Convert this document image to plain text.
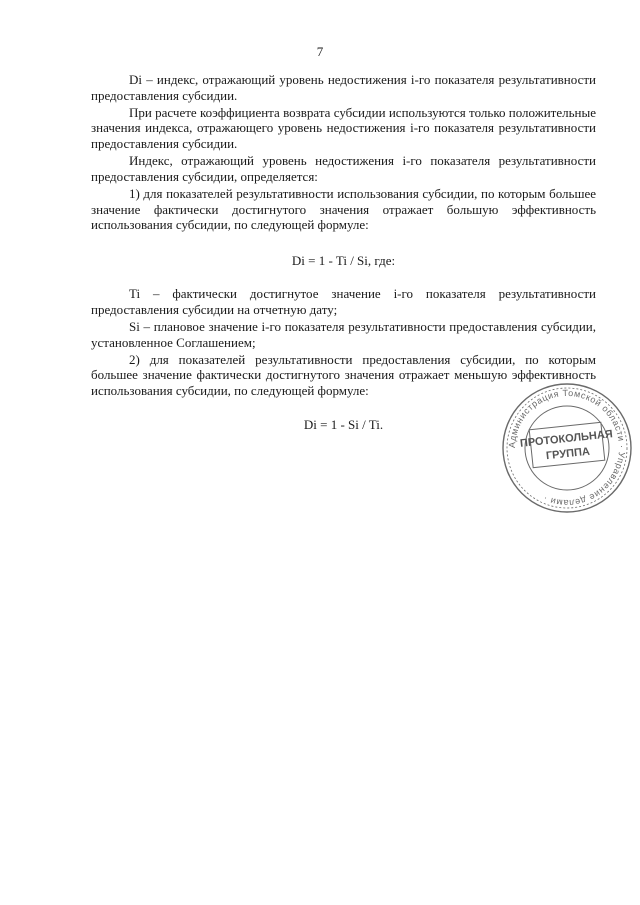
7

Di – индекс, отражающий уровень недостижения i-го показателя результативности предоставления субсидии.

При расчете коэффициента возврата субсидии используются только положительные значения индекса, отражающего уровень недостижения i-го показателя результативности предоставления субсидии.

Индекс, отражающий уровень недостижения i-го показателя результативности предоставления субсидии, определяется:

1) для показателей результативности использования субсидии, по которым большее значение фактически достигнутого значения отражает большую эффективность использования субсидии, по следующей формуле:

Di = 1 - Ti / Si, где:

Ti – фактически достигнутое значение i-го показателя результативности предоставления субсидии на отчетную дату;

Si – плановое значение i-го показателя результативности предоставления субсидии, установленное Соглашением;

2) для показателей результативности предоставления субсидии, по которым большее значение фактически достигнутого значения отражает меньшую эффективность использования субсидии, по следующей формуле:

Di = 1 - Si / Ti.

Администрация Томской области · Управление делами ·
ПРОТОКОЛЬНАЯ
ГРУППА
